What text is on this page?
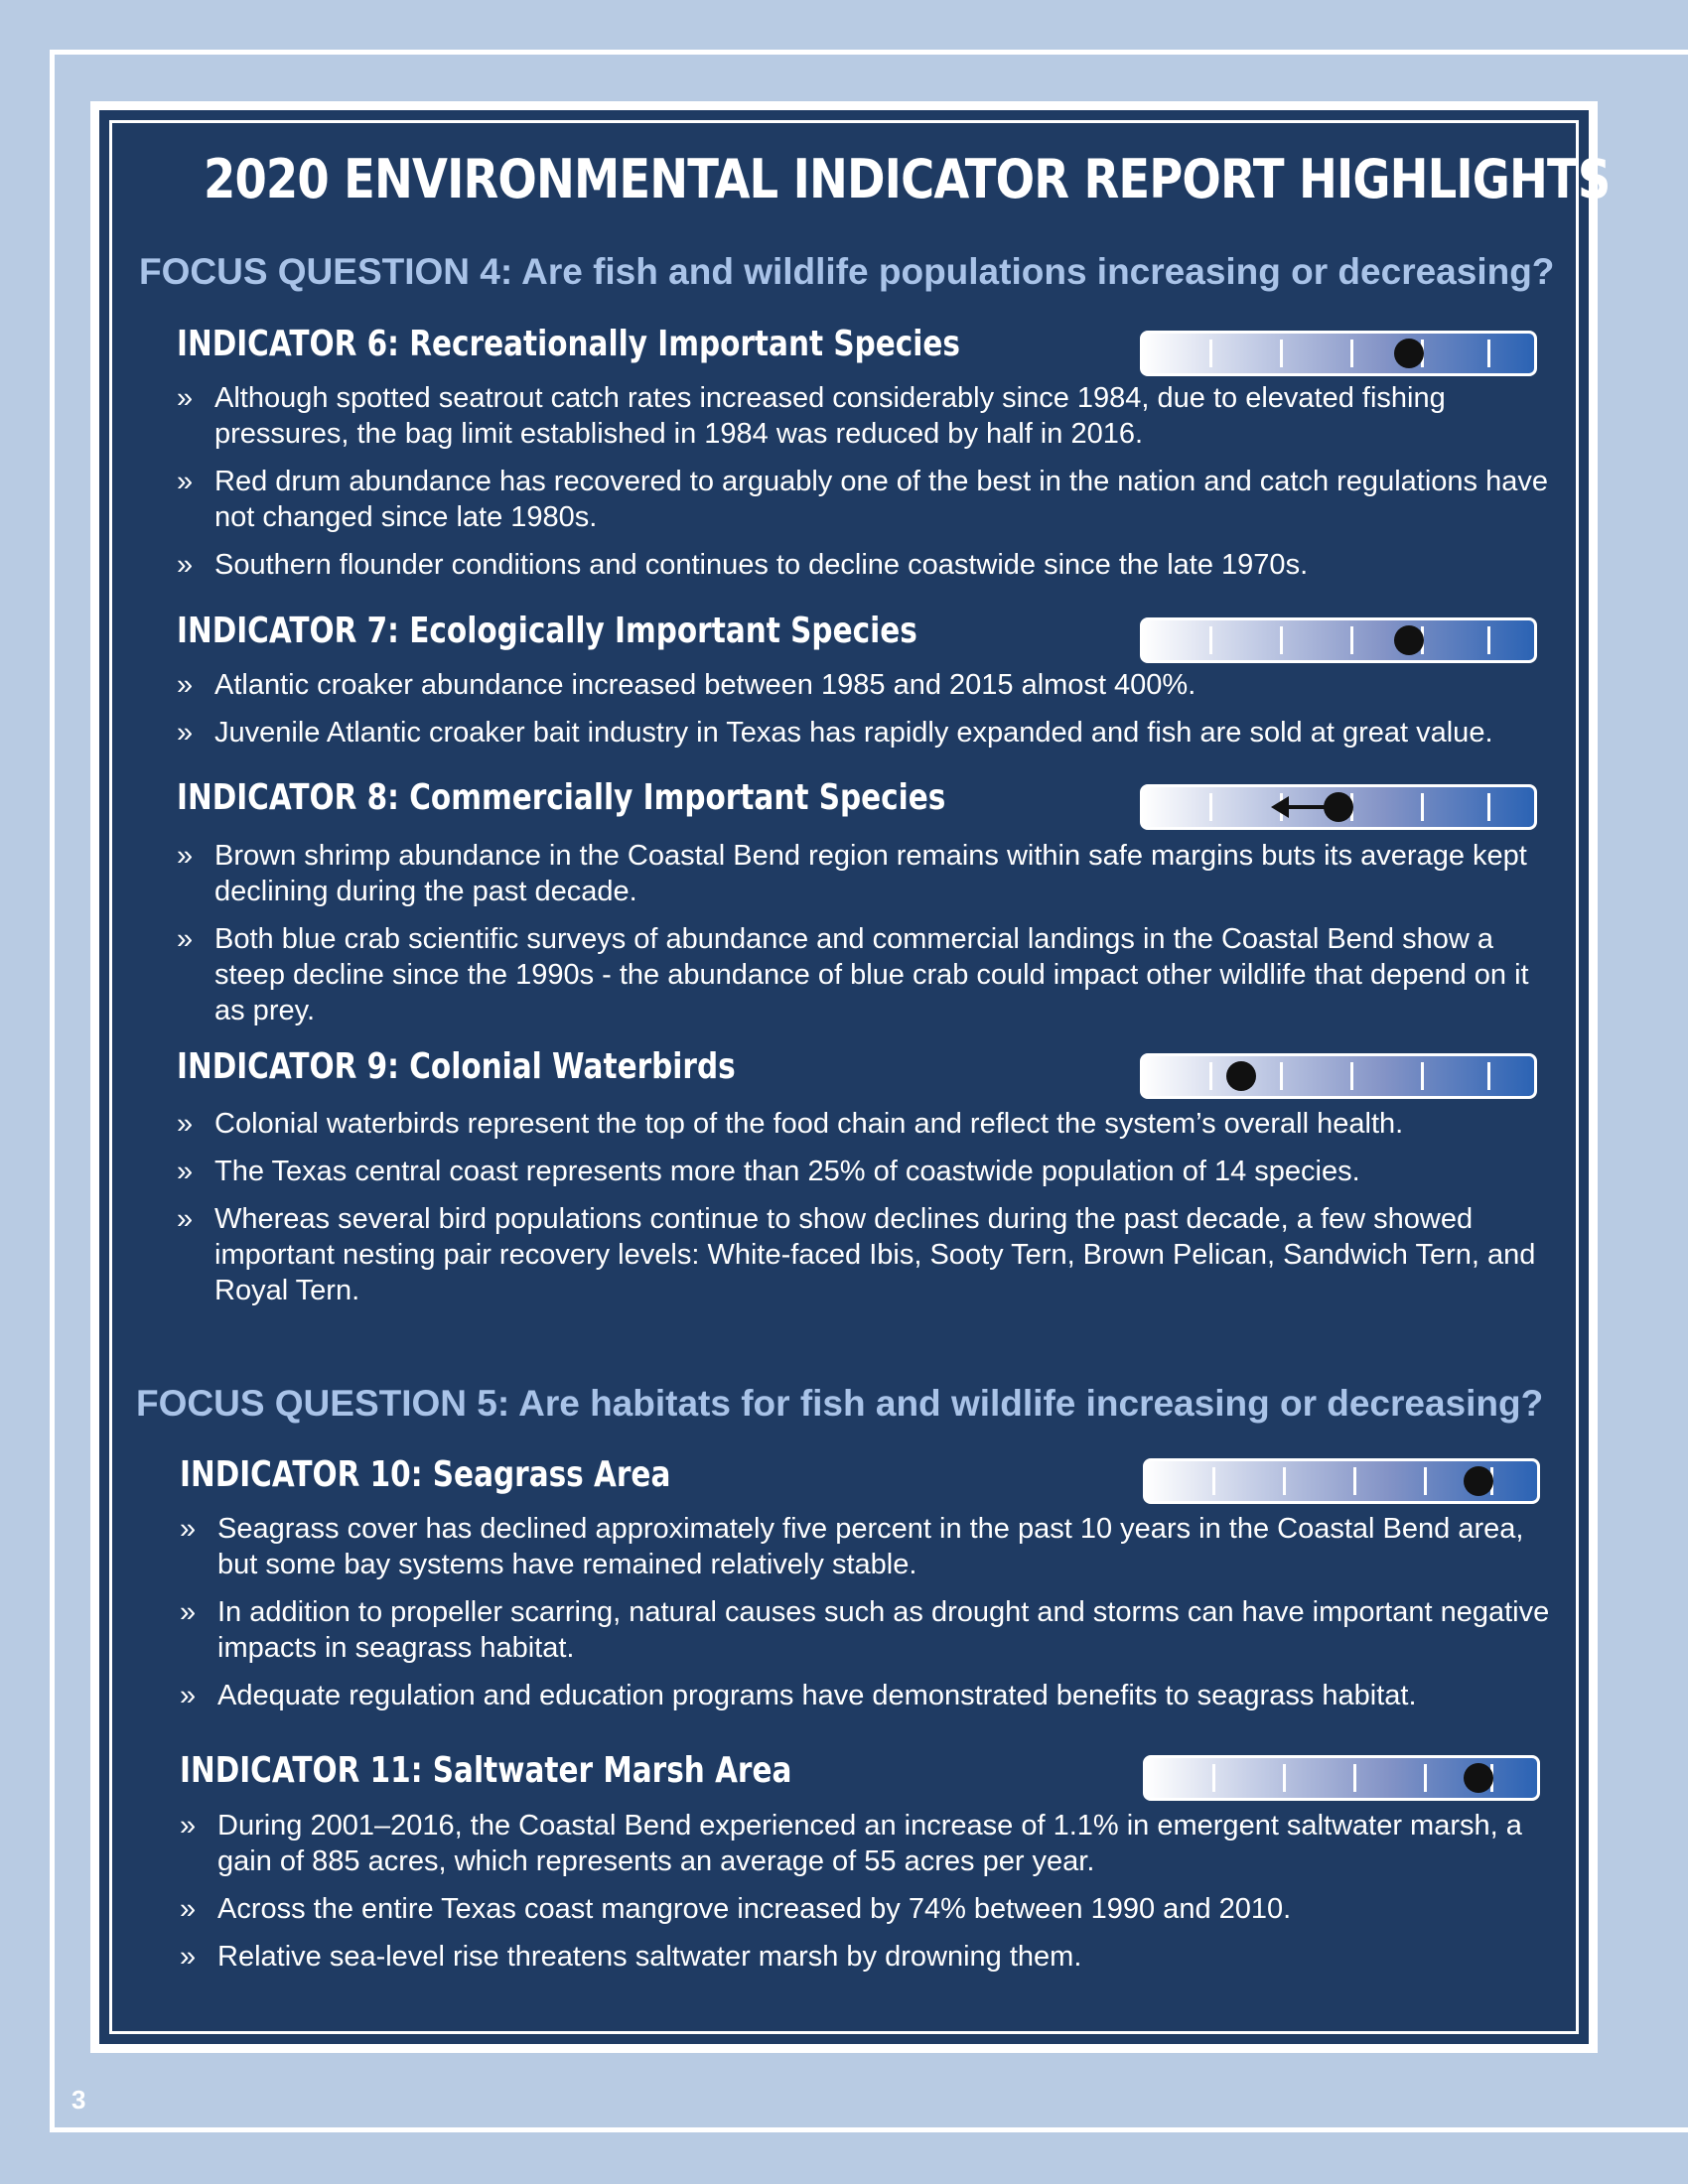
2020 ENVIRONMENTAL INDICATOR REPORT HIGHLIGHTS
FOCUS QUESTION 4: Are fish and wildlife populations increasing or decreasing?
INDICATOR 6: Recreationally Important Species
» Although spotted seatrout catch rates increased considerably since 1984, due to elevated fishing pressures, the bag limit established in 1984 was reduced by half in 2016.
» Red drum abundance has recovered to arguably one of the best in the nation and catch regulations have not changed since late 1980s.
» Southern flounder conditions and continues to decline coastwide since the late 1970s.
INDICATOR 7: Ecologically Important Species
» Atlantic croaker abundance increased between 1985 and 2015 almost 400%.
» Juvenile Atlantic croaker bait industry in Texas has rapidly expanded and fish are sold at great value.
INDICATOR 8: Commercially Important Species
» Brown shrimp abundance in the Coastal Bend region remains within safe margins buts its average kept declining during the past decade.
» Both blue crab scientific surveys of abundance and commercial landings in the Coastal Bend show a steep decline since the 1990s - the abundance of blue crab could impact other wildlife that depend on it as prey.
INDICATOR 9: Colonial Waterbirds
» Colonial waterbirds represent the top of the food chain and reflect the system’s overall health.
» The Texas central coast represents more than 25% of coastwide population of 14 species.
» Whereas several bird populations continue to show declines during the past decade, a few showed important nesting pair recovery levels: White-faced Ibis, Sooty Tern, Brown Pelican, Sandwich Tern, and Royal Tern.
FOCUS QUESTION 5: Are habitats for fish and wildlife increasing or decreasing?
INDICATOR 10: Seagrass Area
» Seagrass cover has declined approximately five percent in the past 10 years in the Coastal Bend area, but some bay systems have remained relatively stable.
» In addition to propeller scarring, natural causes such as drought and storms can have important negative impacts in seagrass habitat.
» Adequate regulation and education programs have demonstrated benefits to seagrass habitat.
INDICATOR 11: Saltwater Marsh Area
» During 2001–2016, the Coastal Bend experienced an increase of 1.1% in emergent saltwater marsh, a gain of 885 acres, which represents an average of 55 acres per year.
» Across the entire Texas coast mangrove increased by 74% between 1990 and 2010.
» Relative sea-level rise threatens saltwater marsh by drowning them.
3
